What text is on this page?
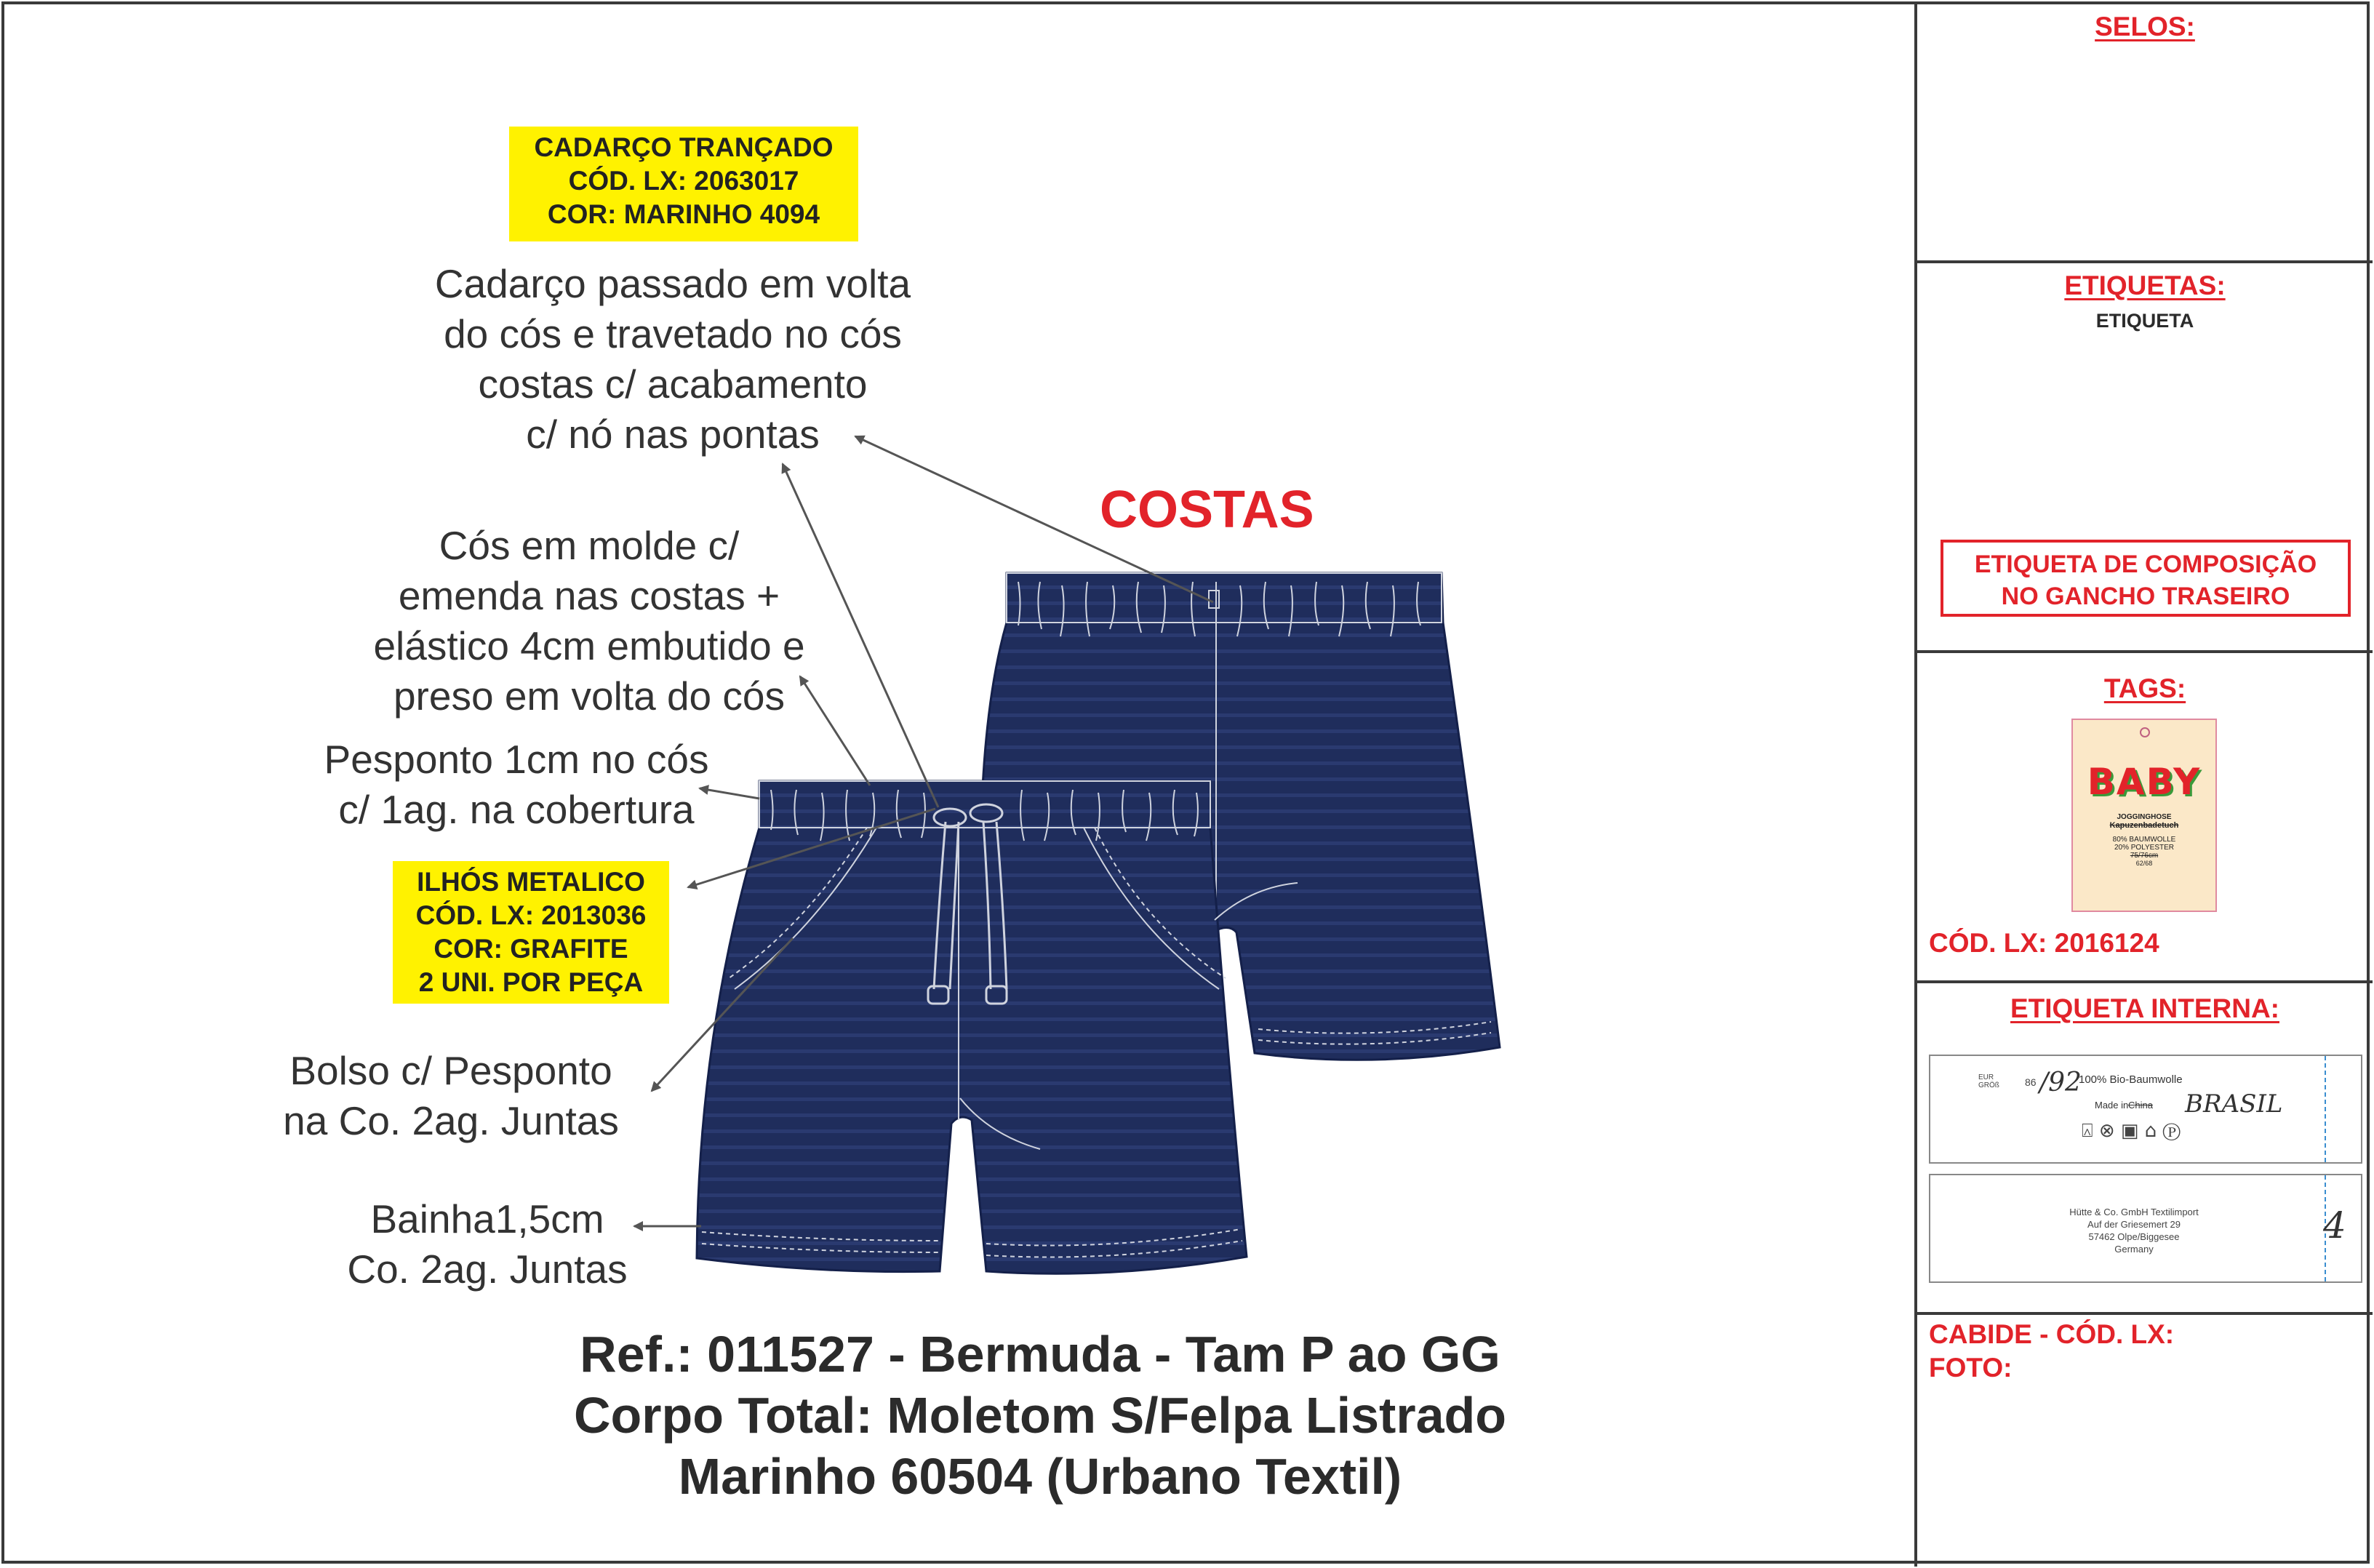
CADARÇO TRANÇADO
CÓD. LX: 2063017
COR: MARINHO 4094
ILHÓS METALICO
CÓD. LX: 2013036
COR: GRAFITE
2 UNI. POR PEÇA
Cadarço passado em volta
do cós e travetado no cós
costas c/ acabamento
c/ nó nas pontas
Cós em molde c/
emenda nas costas +
elástico 4cm embutido e
preso em volta do cós
Pesponto 1cm no cós
c/ 1ag. na cobertura
Bolso c/ Pesponto
na Co. 2ag. Juntas
Bainha1,5cm
Co. 2ag. Juntas
COSTAS
Ref.: 011527 - Bermuda - Tam P ao GG
Corpo Total: Moletom S/Felpa Listrado
Marinho 60504 (Urbano Textil)
SELOS:
ETIQUETAS:
ETIQUETA
ETIQUETA DE COMPOSIÇÃO
NO GANCHO TRASEIRO
TAGS:
BABY
JOGGINGHOSE
Kapuzenbadetuch
80% BAUMWOLLE
20% POLYESTER
75/76cm
62/68
CÓD. LX: 2016124
ETIQUETA INTERNA:
EUR GRÖß	86 /92
100% Bio-Baumwolle
Made in China BRASIL
⍓ ⊗ ▣ ⌂ Ⓟ
Hütte & Co. GmbH Textilimport
Auf der Griesemert 29
57462 Olpe/Biggesee
Germany
4
CABIDE - CÓD. LX:
FOTO:
